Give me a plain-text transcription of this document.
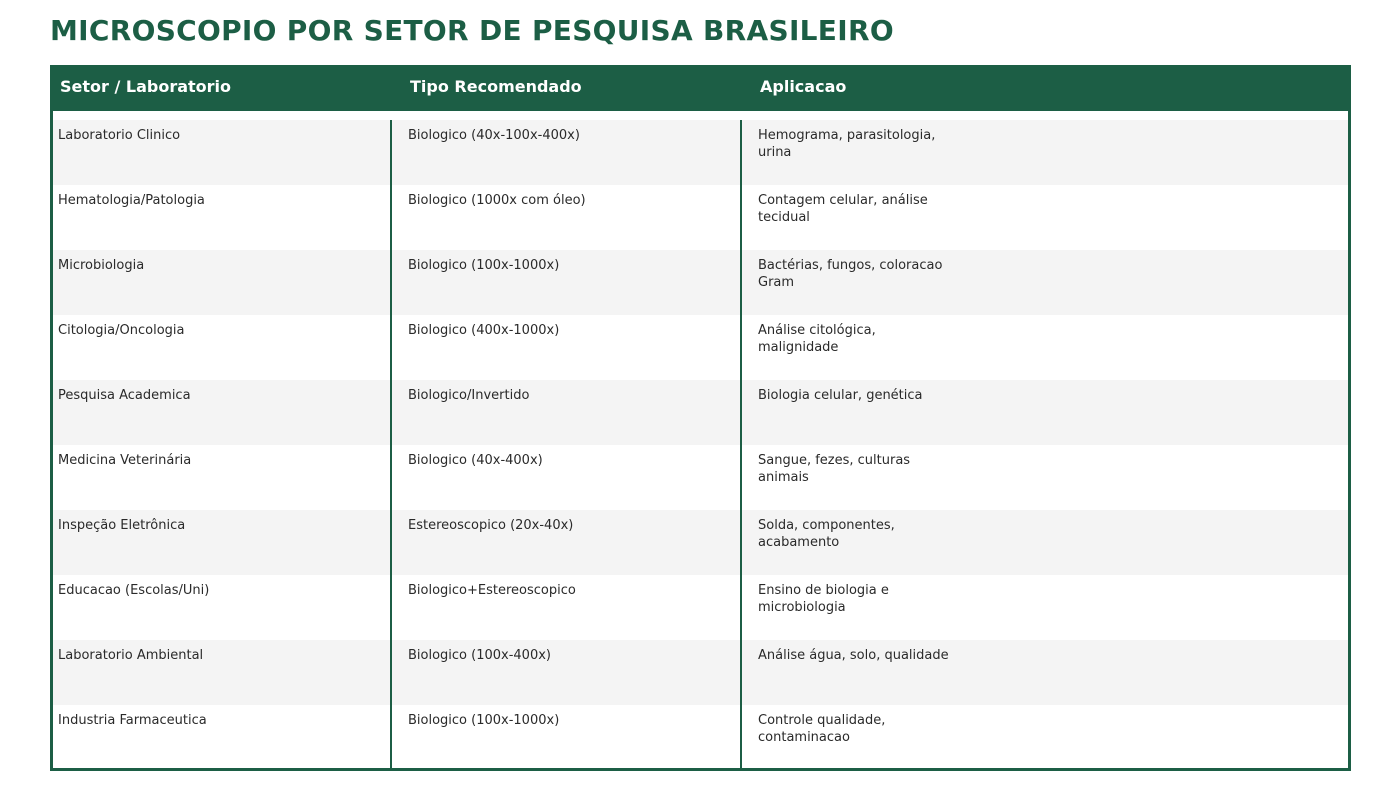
MICROSCOPIO POR SETOR DE PESQUISA BRASILEIRO
Setor / Laboratorio	Tipo Recomendado	Aplicacao
Laboratorio Clinico	Biologico (40x-100x-400x)	Hemograma, parasitologia, urina
Hematologia/Patologia	Biologico (1000x com óleo)	Contagem celular, análise tecidual
Microbiologia	Biologico (100x-1000x)	Bactérias, fungos, coloracao Gram
Citologia/Oncologia	Biologico (400x-1000x)	Análise citológica, malignidade
Pesquisa Academica	Biologico/Invertido	Biologia celular, genética
Medicina Veterinária	Biologico (40x-400x)	Sangue, fezes, culturas animais
Inspeção Eletrônica	Estereoscopico (20x-40x)	Solda, componentes, acabamento
Educacao (Escolas/Uni)	Biologico+Estereoscopico	Ensino de biologia e microbiologia
Laboratorio Ambiental	Biologico (100x-400x)	Análise água, solo, qualidade
Industria Farmaceutica	Biologico (100x-1000x)	Controle qualidade, contaminacao
